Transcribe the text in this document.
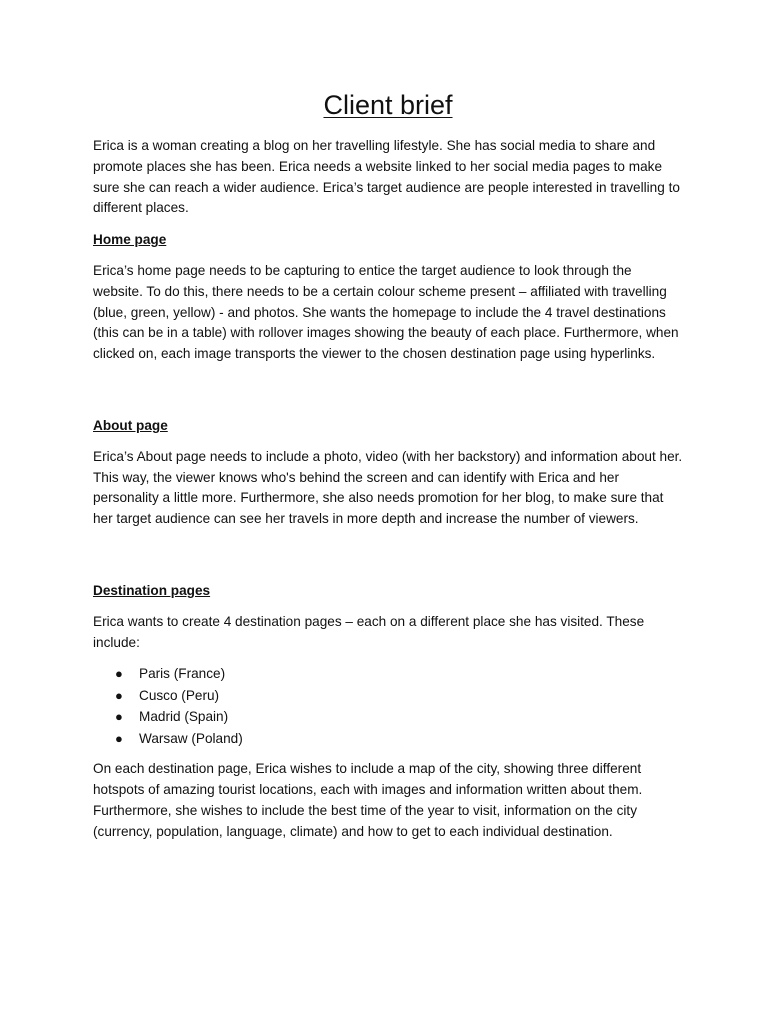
Client brief

Erica is a woman creating a blog on her travelling lifestyle. She has social media to share and promote places she has been. Erica needs a website linked to her social media pages to make sure she can reach a wider audience. Erica’s target audience are people interested in travelling to different places.

Home page

Erica’s home page needs to be capturing to entice the target audience to look through the website. To do this, there needs to be a certain colour scheme present – affiliated with travelling (blue, green, yellow) - and photos. She wants the homepage to include the 4 travel destinations (this can be in a table) with rollover images showing the beauty of each place. Furthermore, when clicked on, each image transports the viewer to the chosen destination page using hyperlinks.

About page

Erica’s About page needs to include a photo, video (with her backstory) and information about her. This way, the viewer knows who's behind the screen and can identify with Erica and her personality a little more. Furthermore, she also needs promotion for her blog, to make sure that her target audience can see her travels in more depth and increase the number of viewers.

Destination pages

Erica wants to create 4 destination pages – each on a different place she has visited. These include:

● Paris (France)
● Cusco (Peru)
● Madrid (Spain)
● Warsaw (Poland)

On each destination page, Erica wishes to include a map of the city, showing three different hotspots of amazing tourist locations, each with images and information written about them. Furthermore, she wishes to include the best time of the year to visit, information on the city (currency, population, language, climate) and how to get to each individual destination.
